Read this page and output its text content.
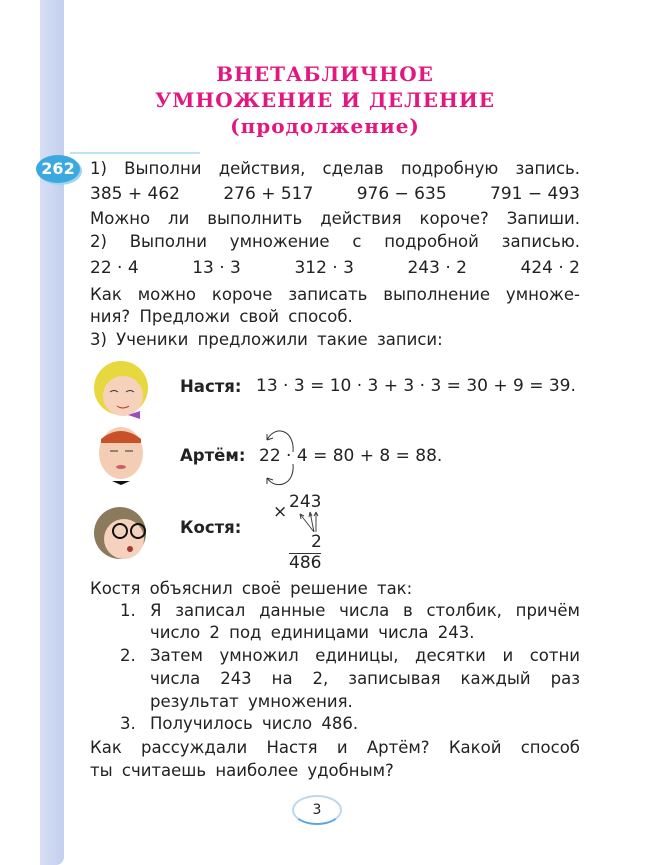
ВНЕТАБЛИЧНОЕ
УМНОЖЕНИЕ И ДЕЛЕНИЕ
(продолжение)
262 1) Выполни действия, сделав подробную запись.
385 + 462	276 + 517	976 − 635	791 − 493
Можно ли выполнить действия короче? Запиши.
2) Выполни умножение с подробной записью.
22 · 4	13 · 3	312 · 3	243 · 2	424 · 2
Как можно короче записать выполнение умноже-
ния? Предложи свой способ.
3) Ученики предложили такие записи:
Настя: 13 · 3 = 10 · 3 + 3 · 3 = 30 + 9 = 39.
Артём: 22 · 4 = 80 + 8 = 88.
Костя:
× 243
2
486
Костя объяснил своё решение так:
1. Я записал данные числа в столбик, причём
число 2 под единицами числа 243.
2. Затем умножил единицы, десятки и сотни
числа 243 на 2, записывая каждый раз
результат умножения.
3. Получилось число 486.
Как рассуждали Настя и Артём? Какой способ
ты считаешь наиболее удобным?
3
